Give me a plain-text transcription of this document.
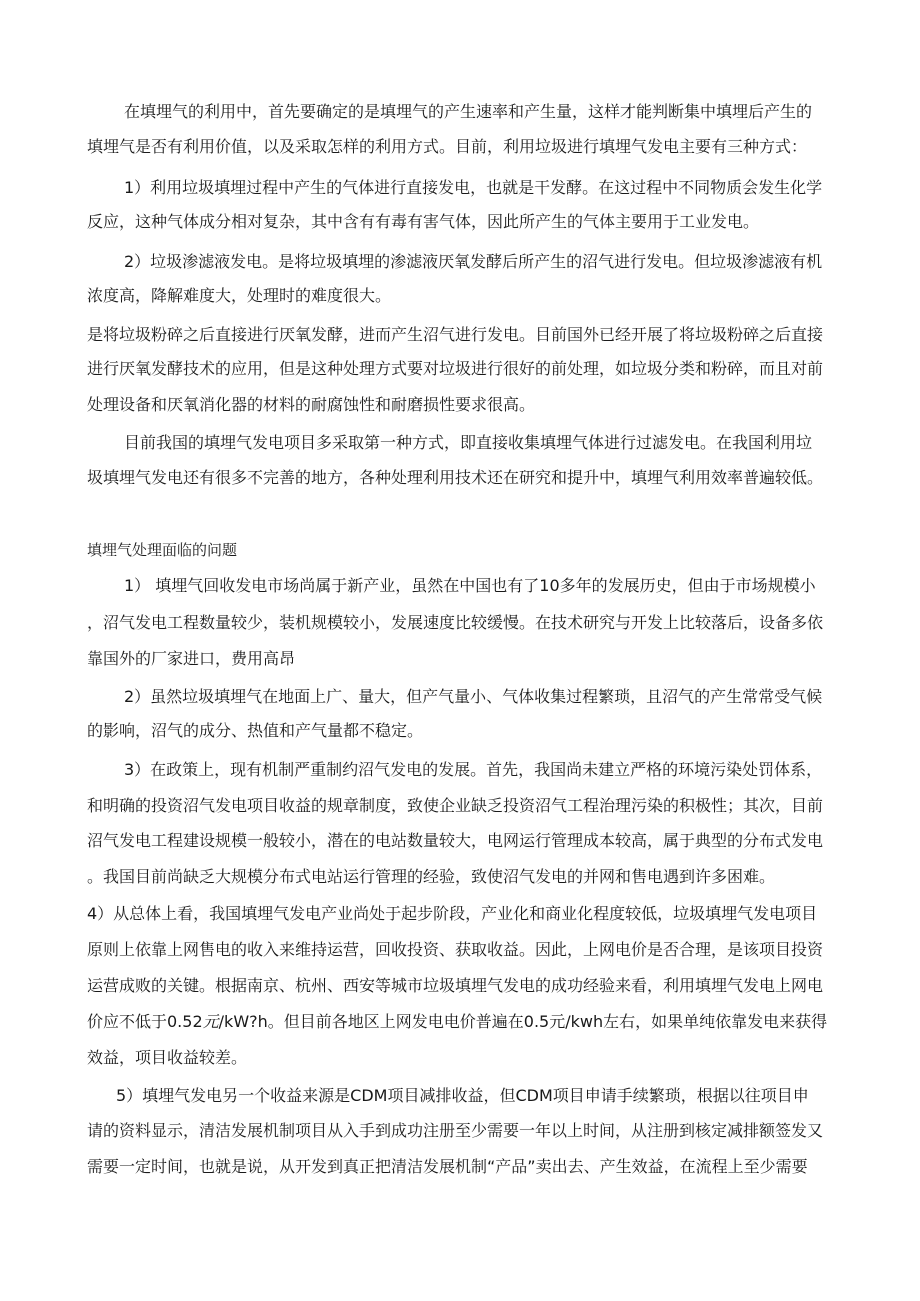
在填埋气的利用中，首先要确定的是填埋气的产生速率和产生量，这样才能判断集中填埋后产生的
填埋气是否有利用价值，以及采取怎样的利用方式。目前，利用垃圾进行填埋气发电主要有三种方式：
1）利用垃圾填埋过程中产生的气体进行直接发电，也就是干发酵。在这过程中不同物质会发生化学
反应，这种气体成分相对复杂，其中含有有毒有害气体，因此所产生的气体主要用于工业发电。
2）垃圾渗滤液发电。是将垃圾填埋的渗滤液厌氧发酵后所产生的沼气进行发电。但垃圾渗滤液有机
浓度高，降解难度大，处理时的难度很大。
是将垃圾粉碎之后直接进行厌氧发酵，进而产生沼气进行发电。目前国外已经开展了将垃圾粉碎之后直接
进行厌氧发酵技术的应用，但是这种处理方式要对垃圾进行很好的前处理，如垃圾分类和粉碎，而且对前
处理设备和厌氧消化器的材料的耐腐蚀性和耐磨损性要求很高。
目前我国的填埋气发电项目多采取第一种方式，即直接收集填埋气体进行过滤发电。在我国利用垃
圾填埋气发电还有很多不完善的地方，各种处理利用技术还在研究和提升中，填埋气利用效率普遍较低。
填埋气处理面临的问题
1） 填埋气回收发电市场尚属于新产业，虽然在中国也有了10多年的发展历史，但由于市场规模小
，沼气发电工程数量较少，装机规模较小，发展速度比较缓慢。在技术研究与开发上比较落后，设备多依
靠国外的厂家进口，费用高昂
2）虽然垃圾填埋气在地面上广、量大，但产气量小、气体收集过程繁琐，且沼气的产生常常受气候
的影响，沼气的成分、热值和产气量都不稳定。
3）在政策上，现有机制严重制约沼气发电的发展。首先，我国尚未建立严格的环境污染处罚体系，
和明确的投资沼气发电项目收益的规章制度，致使企业缺乏投资沼气工程治理污染的积极性；其次，目前
沼气发电工程建设规模一般较小，潜在的电站数量较大，电网运行管理成本较高，属于典型的分布式发电
。我国目前尚缺乏大规模分布式电站运行管理的经验，致使沼气发电的并网和售电遇到许多困难。
4）从总体上看，我国填埋气发电产业尚处于起步阶段，产业化和商业化程度较低，垃圾填埋气发电项目
原则上依靠上网售电的收入来维持运营，回收投资、获取收益。因此，上网电价是否合理，是该项目投资
运营成败的关键。根据南京、杭州、西安等城市垃圾填埋气发电的成功经验来看，利用填埋气发电上网电
价应不低于0.52元/kW?h。但目前各地区上网发电电价普遍在0.5元/kwh左右，如果单纯依靠发电来获得
效益，项目收益较差。
5）填埋气发电另一个收益来源是CDM项目减排收益，但CDM项目申请手续繁琐，根据以往项目申
请的资料显示，清洁发展机制项目从入手到成功注册至少需要一年以上时间，从注册到核定减排额签发又
需要一定时间，也就是说，从开发到真正把清洁发展机制“产品”卖出去、产生效益，在流程上至少需要
